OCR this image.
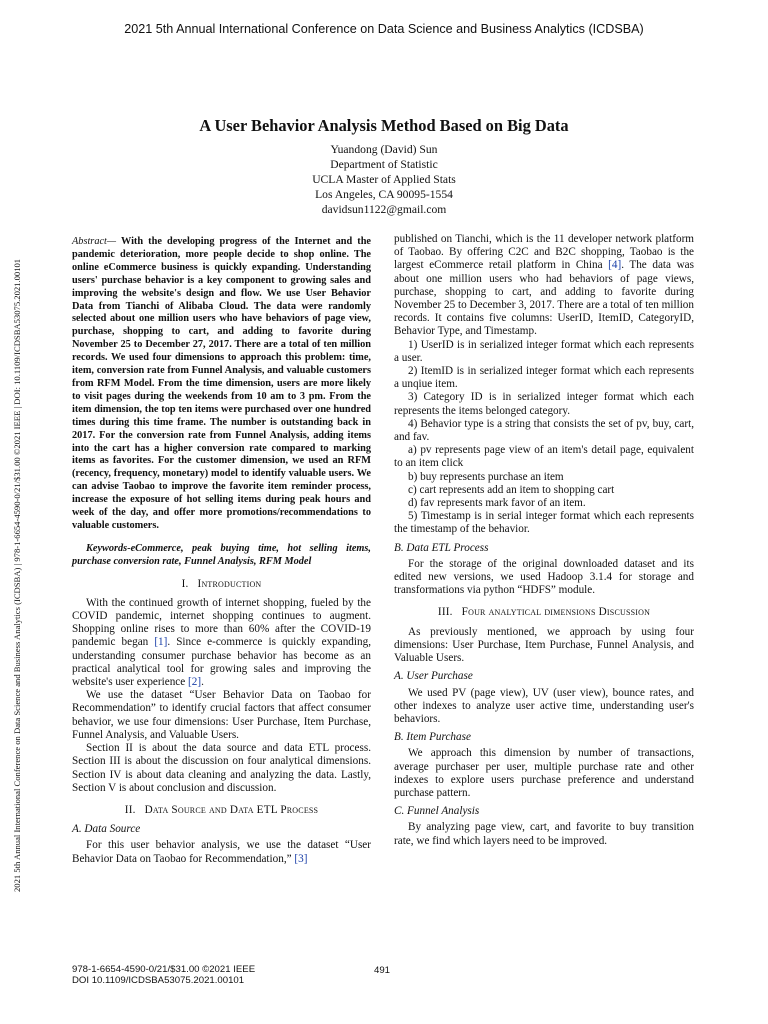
2021 5th Annual International Conference on Data Science and Business Analytics (ICDSBA)
2021 5th Annual International Conference on Data Science and Business Analytics (ICDSBA) | 978-1-6654-4590-0/21/$31.00 ©2021 IEEE | DOI: 10.1109/ICDSBA53075.2021.00101
A User Behavior Analysis Method Based on Big Data
Yuandong (David) Sun
Department of Statistic
UCLA Master of Applied Stats
Los Angeles, CA 90095-1554
davidsun1122@gmail.com

Abstract— With the developing progress of the Internet and the pandemic deterioration, more people decide to shop online. The online eCommerce business is quickly expanding. Understanding users' purchase behavior is a key component to growing sales and improving the website's design and flow. We use User Behavior Data from Tianchi of Alibaba Cloud. The data were randomly selected about one million users who have behaviors of page view, purchase, shopping to cart, and adding to favorite during November 25 to December 27, 2017. There are a total of ten million records. We used four dimensions to approach this problem: time, item, conversion rate from Funnel Analysis, and valuable customers from RFM Model. From the time dimension, users are more likely to visit pages during the weekends from 10 am to 3 pm. From the item dimension, the top ten items were purchased over one hundred times during this time frame. The number is outstanding back in 2017. For the conversion rate from Funnel Analysis, adding items into the cart has a higher conversion rate compared to marking items as favorites. For the customer dimension, we used an RFM (recency, frequency, monetary) model to identify valuable users. We can advise Taobao to improve the favorite item reminder process, increase the exposure of hot selling items during peak hours and week of the day, and offer more promotions/recommendations to valuable customers.

Keywords-eCommerce, peak buying time, hot selling items, purchase conversion rate, Funnel Analysis, RFM Model

I. Introduction

With the continued growth of internet shopping, fueled by the COVID pandemic, internet shopping continues to augment. Shopping online rises to more than 60% after the COVID-19 pandemic began [1]. Since e-commerce is quickly expanding, understanding consumer purchase behavior has become as an practical analytical tool for growing sales and improving the website's user experience [2].

We use the dataset “User Behavior Data on Taobao for Recommendation” to identify crucial factors that affect consumer behavior, we use four dimensions: User Purchase, Item Purchase, Funnel Analysis, and Valuable Users.

Section II is about the data source and data ETL process. Section III is about the discussion on four analytical dimensions. Section IV is about data cleaning and analyzing the data. Lastly, Section V is about conclusion and discussion.

II. Data Source and Data ETL Process
A. Data Source

For this user behavior analysis, we use the dataset “User Behavior Data on Taobao for Recommendation,” [3]

published on Tianchi, which is the 11 developer network platform of Taobao. By offering C2C and B2C shopping, Taobao is the largest eCommerce retail platform in China [4]. The data was about one million users who had behaviors of page views, purchase, shopping to cart, and adding to favorite during November 25 to December 3, 2017. There are a total of ten million records. It contains five columns: UserID, ItemID, CategoryID, Behavior Type, and Timestamp.

1) UserID is in serialized integer format which each represents a user.

2) ItemID is in serialized integer format which each represents a unqiue item.

3) Category ID is in serialized integer format which each represents the items belonged category.

4) Behavior type is a string that consists the set of pv, buy, cart, and fav.

a) pv represents page view of an item's detail page, equivalent to an item click

b) buy represents purchase an item

c) cart represents add an item to shopping cart

d) fav represents mark favor of an item.

5) Timestamp is in serial integer format which each represents the timestamp of the behavior.

B. Data ETL Process

For the storage of the original downloaded dataset and its edited new versions, we used Hadoop 3.1.4 for storage and transformations via python “HDFS” module.

III. Four analytical dimensions Discussion

As previously mentioned, we approach by using four dimensions: User Purchase, Item Purchase, Funnel Analysis, and Valuable Users.

A. User Purchase

We used PV (page view), UV (user view), bounce rates, and other indexes to analyze user active time, understanding user's behaviors.

B. Item Purchase

We approach this dimension by number of transactions, average purchaser per user, multiple purchase rate and other indexes to explore users purchase preference and understand purchase pattern.

C. Funnel Analysis

By analyzing page view, cart, and favorite to buy transition rate, we find which layers need to be improved.

978-1-6654-4590-0/21/$31.00 ©2021 IEEE
DOI 10.1109/ICDSBA53075.2021.00101
491
